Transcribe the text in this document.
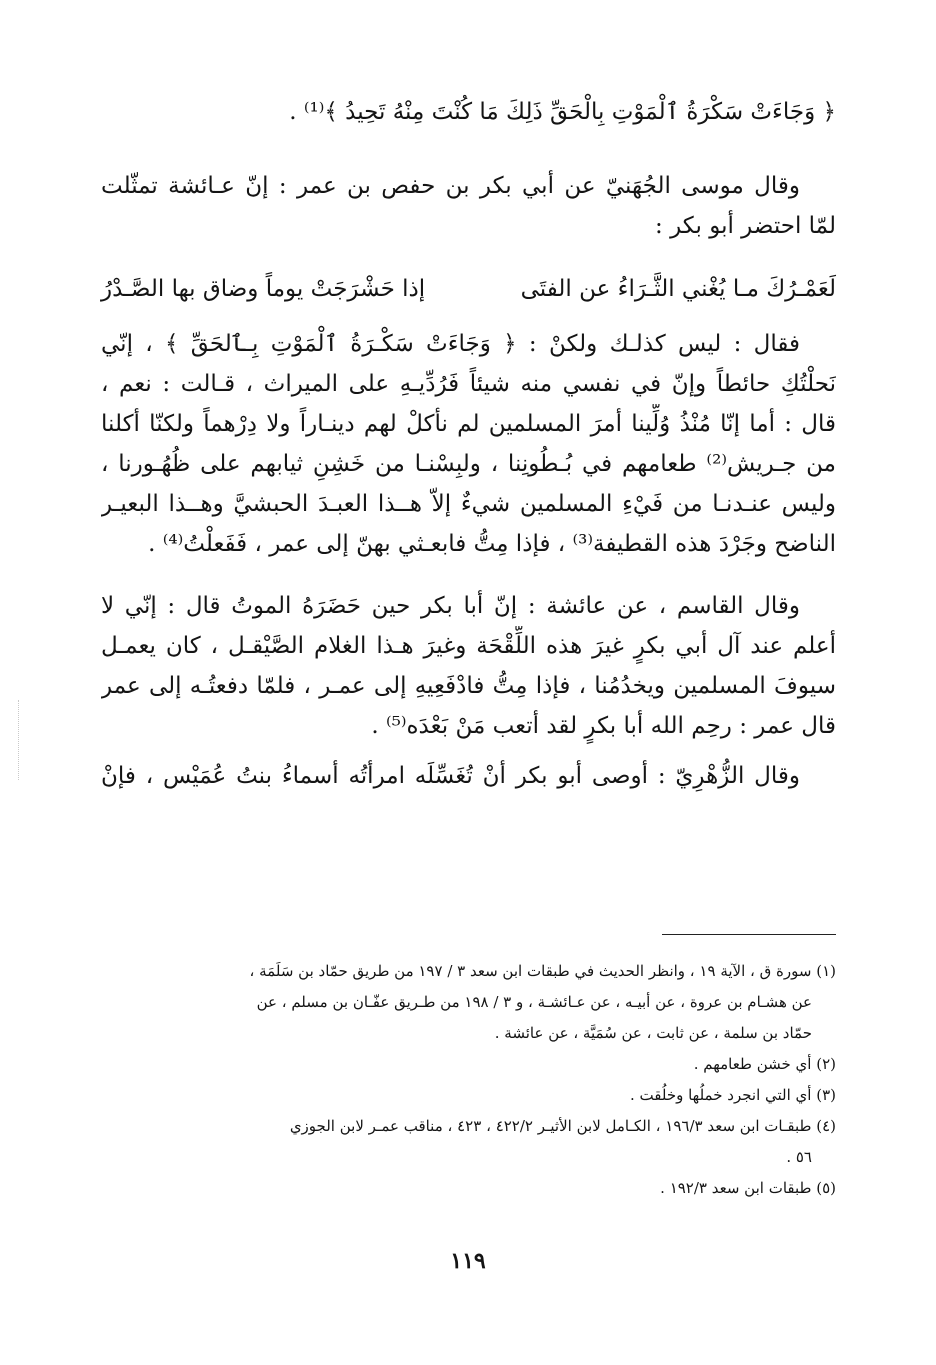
﴿ وَجَاءَتْ سَكْرَةُ ٱلْمَوْتِ بِالْحَقِّ ذَلِكَ مَا كُنْتَ مِنْهُ تَحِيدُ ﴾⁽¹⁾ .
وقال موسى الجُهَنيّ عن أبي بكر بن حفص بن عمر : إنّ عـائشة تمثّلت
لمّا احتضر أبو بكر :
لَعَمْـرُكَ مـا يُغْني الثَّـرَاءُ عن الفتَى
إذا حَشْرَجَتْ يوماً وضاق بها الصَّـدْرُ
فقال : ليس كذلـك ولكنْ : ﴿ وَجَاءَتْ سَكْـرَةُ ٱلْمَوْتِ بِـٱلحَقِّ ﴾ ، إنّي
نَحلْتُكِ حائطاً وإنّ في نفسي منه شيئاً فَرُدِّيـهِ على الميراث ، قـالت : نعم ،
قال : أما إنّا مُنْذُ وُلِّينا أمرَ المسلمين لم نأكلْ لهم دينـاراً ولا دِرْهماً ولكنّا أكلنا
من جـريش⁽²⁾ طعامهم في بُـطُونِنا ، ولبِسْنـا من خَشِنِ ثيابهم على ظُهُـورنا ،
وليس عنـدنـا من فَيْءِ المسلمين شيءٌ إلاّ هــذا العبـدَ الحبشيَّ وهــذا البعيـر
الناضح وجَرْدَ هذه القطيفة⁽³⁾ ، فإذا مِتُّ فابعـثي بهنّ إلى عمر ، فَفَعلْتُ⁽⁴⁾ .
وقال القاسم ، عن عائشة : إنّ أبا بكر حين حَضَرَهُ الموتُ قال : إنّي لا
أعلم عند آل أبي بكرٍ غيرَ هذه اللِّقْحَة وغيرَ هـذا الغلام الصَّيْقـل ، كان يعمـل
سيوفَ المسلمين ويخدُمُنا ، فإذا مِتُّ فادْفَعِيهِ إلى عمـر ، فلمّا دفعتُـه إلى عمر
قال عمر : رحِم الله أبا بكرٍ لقد أتعب مَنْ بَعْدَه⁽⁵⁾ .
وقال الزُّهْرِيّ : أوصى أبو بكر أنْ تُغَسِّلَه امرأتُه أسماءُ بنتُ عُمَيْس ، فإنْ
(١) سورة ق ، الآية ١٩ ، وانظر الحديث في طبقات ابن سعد ٣ / ١٩٧ من طريق حمّاد بن سَلَمَة ،
عن هشـام بن عروة ، عن أبيـه ، عن عـائشـة ، و ٣ / ١٩٨ من طـريق عفّـان بن مسلم ، عن
حمّاد بن سلمة ، عن ثابت ، عن سُمَيَّة ، عن عائشة .
(٢) أي خشن طعامهم .
(٣) أي التي انجرد خملُها وخلُقت .
(٤) طبقـات ابن سعد ١٩٦/٣ ، الكـامل لابن الأثيـر ٤٢٢/٢ ، ٤٢٣ ، مناقب عمـر لابن الجوزي
٥٦ .
(٥) طبقات ابن سعد ١٩٢/٣ .
١١٩
